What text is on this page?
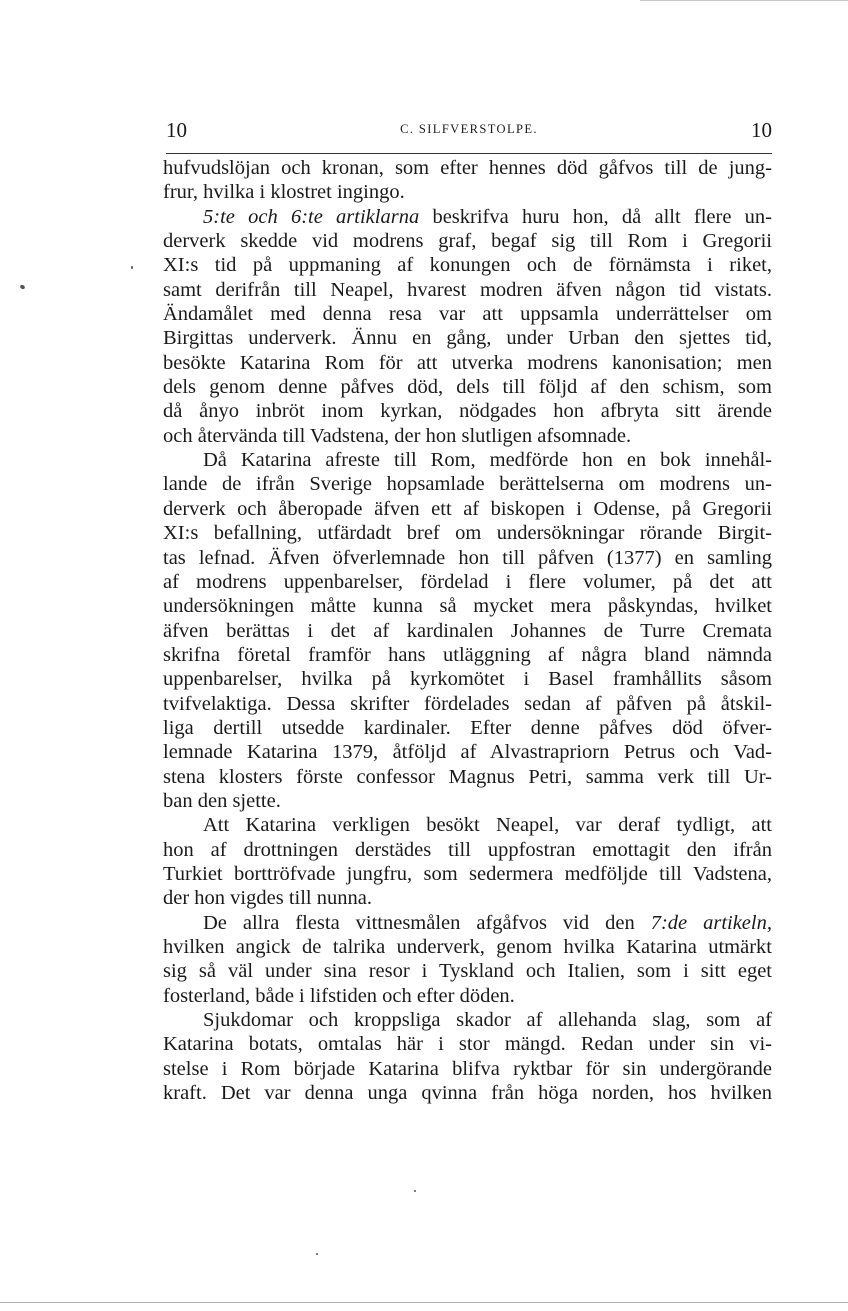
10	C. SILFVERSTOLPE.	10
hufvudslöjan och kronan, som efter hennes död gåfvos till de jung-
frur, hvilka i klostret ingingo.
5:te och 6:te artiklarna beskrifva huru hon, då allt flere un-
derverk skedde vid modrens graf, begaf sig till Rom i Gregorii
XI:s tid på uppmaning af konungen och de förnämsta i riket,
samt derifrån till Neapel, hvarest modren äfven någon tid vistats.
Ändamålet med denna resa var att uppsamla underrättelser om
Birgittas underverk. Ännu en gång, under Urban den sjettes tid,
besökte Katarina Rom för att utverka modrens kanonisation; men
dels genom denne påfves död, dels till följd af den schism, som
då ånyo inbröt inom kyrkan, nödgades hon afbryta sitt ärende
och återvända till Vadstena, der hon slutligen afsomnade.
Då Katarina afreste till Rom, medförde hon en bok innehål-
lande de ifrån Sverige hopsamlade berättelserna om modrens un-
derverk och åberopade äfven ett af biskopen i Odense, på Gregorii
XI:s befallning, utfärdadt bref om undersökningar rörande Birgit-
tas lefnad. Äfven öfverlemnade hon till påfven (1377) en samling
af modrens uppenbarelser, fördelad i flere volumer, på det att
undersökningen måtte kunna så mycket mera påskyndas, hvilket
äfven berättas i det af kardinalen Johannes de Turre Cremata
skrifna företal framför hans utläggning af några bland nämnda
uppenbarelser, hvilka på kyrkomötet i Basel framhållits såsom
tvifvelaktiga. Dessa skrifter fördelades sedan af påfven på åtskil-
liga dertill utsedde kardinaler. Efter denne påfves död öfver-
lemnade Katarina 1379, åtföljd af Alvastrapriorn Petrus och Vad-
stena klosters förste confessor Magnus Petri, samma verk till Ur-
ban den sjette.
Att Katarina verkligen besökt Neapel, var deraf tydligt, att
hon af drottningen derstädes till uppfostran emottagit den ifrån
Turkiet borttröfvade jungfru, som sedermera medföljde till Vadstena,
der hon vigdes till nunna.
De allra flesta vittnesmålen afgåfvos vid den 7:de artikeln,
hvilken angick de talrika underverk, genom hvilka Katarina utmärkt
sig så väl under sina resor i Tyskland och Italien, som i sitt eget
fosterland, både i lifstiden och efter döden.
Sjukdomar och kroppsliga skador af allehanda slag, som af
Katarina botats, omtalas här i stor mängd. Redan under sin vi-
stelse i Rom började Katarina blifva ryktbar för sin undergörande
kraft. Det var denna unga qvinna från höga norden, hos hvilken
